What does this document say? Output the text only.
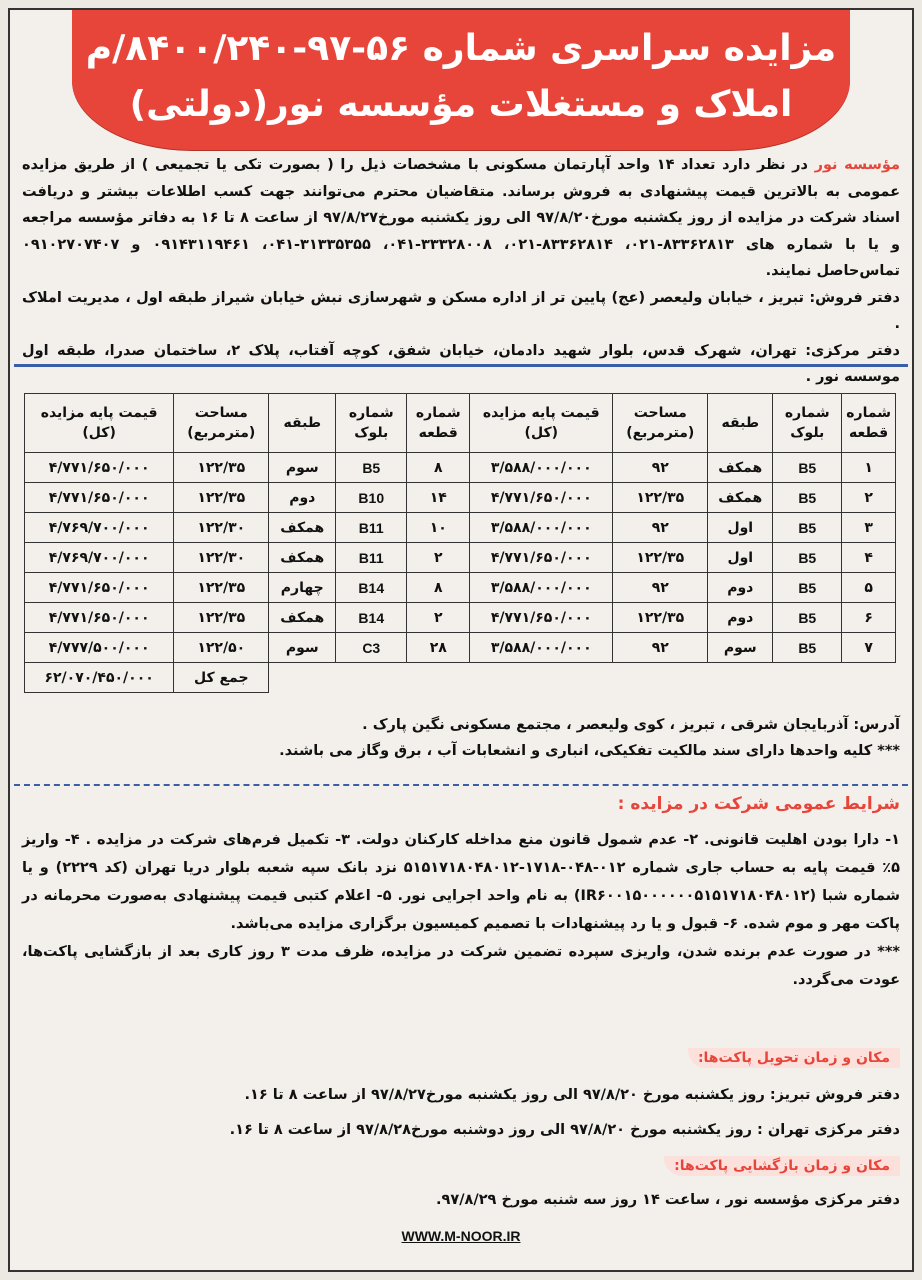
مزایده سراسری شماره ۵۶-۹۷-۸۴۰۰/۲۴۰/م
املاک و مستغلات مؤسسه نور(دولتی)
مؤسسه نور در نظر دارد تعداد ۱۴ واحد آپارتمان مسکونی با مشخصات ذیل را ( بصورت تکی یا تجمیعی ) از طریق مزایده عمومی به بالاترین قیمت پیشنهادی به فروش برساند. متقاضیان محترم می‌توانند جهت کسب اطلاعات بیشتر و دریافت اسناد شرکت در مزایده از روز یکشنبه مورخ۹۷/۸/۲۰ الی روز یکشنبه مورخ۹۷/۸/۲۷ از ساعت ۸ تا ۱۶ به دفاتر مؤسسه مراجعه و یا با شماره های ۸۳۳۶۲۸۱۳-۰۲۱، ۸۳۳۶۲۸۱۴-۰۲۱، ۳۳۳۲۸۰۰۸-۰۴۱، ۳۱۳۳۵۳۵۵-۰۴۱، ۰۹۱۴۳۱۱۹۴۶۱ و ۰۹۱۰۲۷۰۷۴۰۷ تماس‌حاصل نمایند.
دفتر فروش: تبریز ، خیابان ولیعصر (عج) پایین تر از اداره مسکن و شهرسازی نبش خیابان شیراز طبقه اول ، مدیریت املاک .
دفتر مرکزی: تهران، شهرک قدس، بلوار شهید دادمان، خیابان شفق، کوچه آفتاب، پلاک ۲، ساختمان صدرا، طبقه اول موسسه نور .
شماره قطعه	شماره بلوک	طبقه	مساحت (مترمربع)	قیمت پایه مزایده (کل)	شماره قطعه	شماره بلوک	طبقه	مساحت (مترمربع)	قیمت پایه مزایده (کل)
۱	B5	همکف	۹۲	۳/۵۸۸/۰۰۰/۰۰۰	۸	B5	سوم	۱۲۲/۳۵	۴/۷۷۱/۶۵۰/۰۰۰
۲	B5	همکف	۱۲۲/۳۵	۴/۷۷۱/۶۵۰/۰۰۰	۱۴	B10	دوم	۱۲۲/۳۵	۴/۷۷۱/۶۵۰/۰۰۰
۳	B5	اول	۹۲	۳/۵۸۸/۰۰۰/۰۰۰	۱۰	B11	همکف	۱۲۲/۳۰	۴/۷۶۹/۷۰۰/۰۰۰
۴	B5	اول	۱۲۲/۳۵	۴/۷۷۱/۶۵۰/۰۰۰	۲	B11	همکف	۱۲۲/۳۰	۴/۷۶۹/۷۰۰/۰۰۰
۵	B5	دوم	۹۲	۳/۵۸۸/۰۰۰/۰۰۰	۸	B14	چهارم	۱۲۲/۳۵	۴/۷۷۱/۶۵۰/۰۰۰
۶	B5	دوم	۱۲۲/۳۵	۴/۷۷۱/۶۵۰/۰۰۰	۲	B14	همکف	۱۲۲/۳۵	۴/۷۷۱/۶۵۰/۰۰۰
۷	B5	سوم	۹۲	۳/۵۸۸/۰۰۰/۰۰۰	۲۸	C3	سوم	۱۲۲/۵۰	۴/۷۷۷/۵۰۰/۰۰۰
								جمع کل	۶۲/۰۷۰/۴۵۰/۰۰۰
آدرس: آذربایجان شرقی ، تبریز ، کوی ولیعصر ، مجتمع مسکونی نگین پارک .
*** کلیه واحدها دارای سند مالکیت تفکیکی، انباری و انشعابات آب ، برق وگاز می باشند.
شرایط عمومی شرکت در مزایده :
۱- دارا بودن اهلیت قانونی. ۲- عدم شمول قانون منع مداخله کارکنان دولت. ۳- تکمیل فرم‌های شرکت در مزایده . ۴- واریز ۵٪ قیمت پایه به حساب جاری شماره ۰۱۲-۰۴۸-۱۷۱۸-۵۱۵۱۷۱۸۰۴۸۰۱۲ نزد بانک سپه شعبه بلوار دریا تهران (کد ۲۲۲۹) و یا شماره شبا (IR۶۰۰۱۵۰۰۰۰۰۰۵۱۵۱۷۱۸۰۴۸۰۱۲) به نام واحد اجرایی نور. ۵- اعلام کتبی قیمت پیشنهادی به‌صورت محرمانه در پاکت مهر و موم شده. ۶- قبول و یا رد پیشنهادات با تصمیم کمیسیون برگزاری مزایده می‌باشد.
*** در صورت عدم برنده شدن، واریزی سپرده تضمین شرکت در مزایده، ظرف مدت ۳ روز کاری بعد از بازگشایی پاکت‌ها، عودت می‌گردد.
مکان و زمان تحویل پاکت‌ها:
دفتر فروش تبریز: روز یکشنبه مورخ ۹۷/۸/۲۰ الی روز یکشنبه مورخ۹۷/۸/۲۷ از ساعت ۸ تا ۱۶.
دفتر مرکزی تهران : روز یکشنبه مورخ ۹۷/۸/۲۰ الی روز دوشنبه مورخ۹۷/۸/۲۸ از ساعت ۸ تا ۱۶.
مکان و زمان بازگشایی پاکت‌ها:
دفتر مرکزی مؤسسه نور ، ساعت ۱۴ روز سه شنبه مورخ ۹۷/۸/۲۹.
WWW.M-NOOR.IR
